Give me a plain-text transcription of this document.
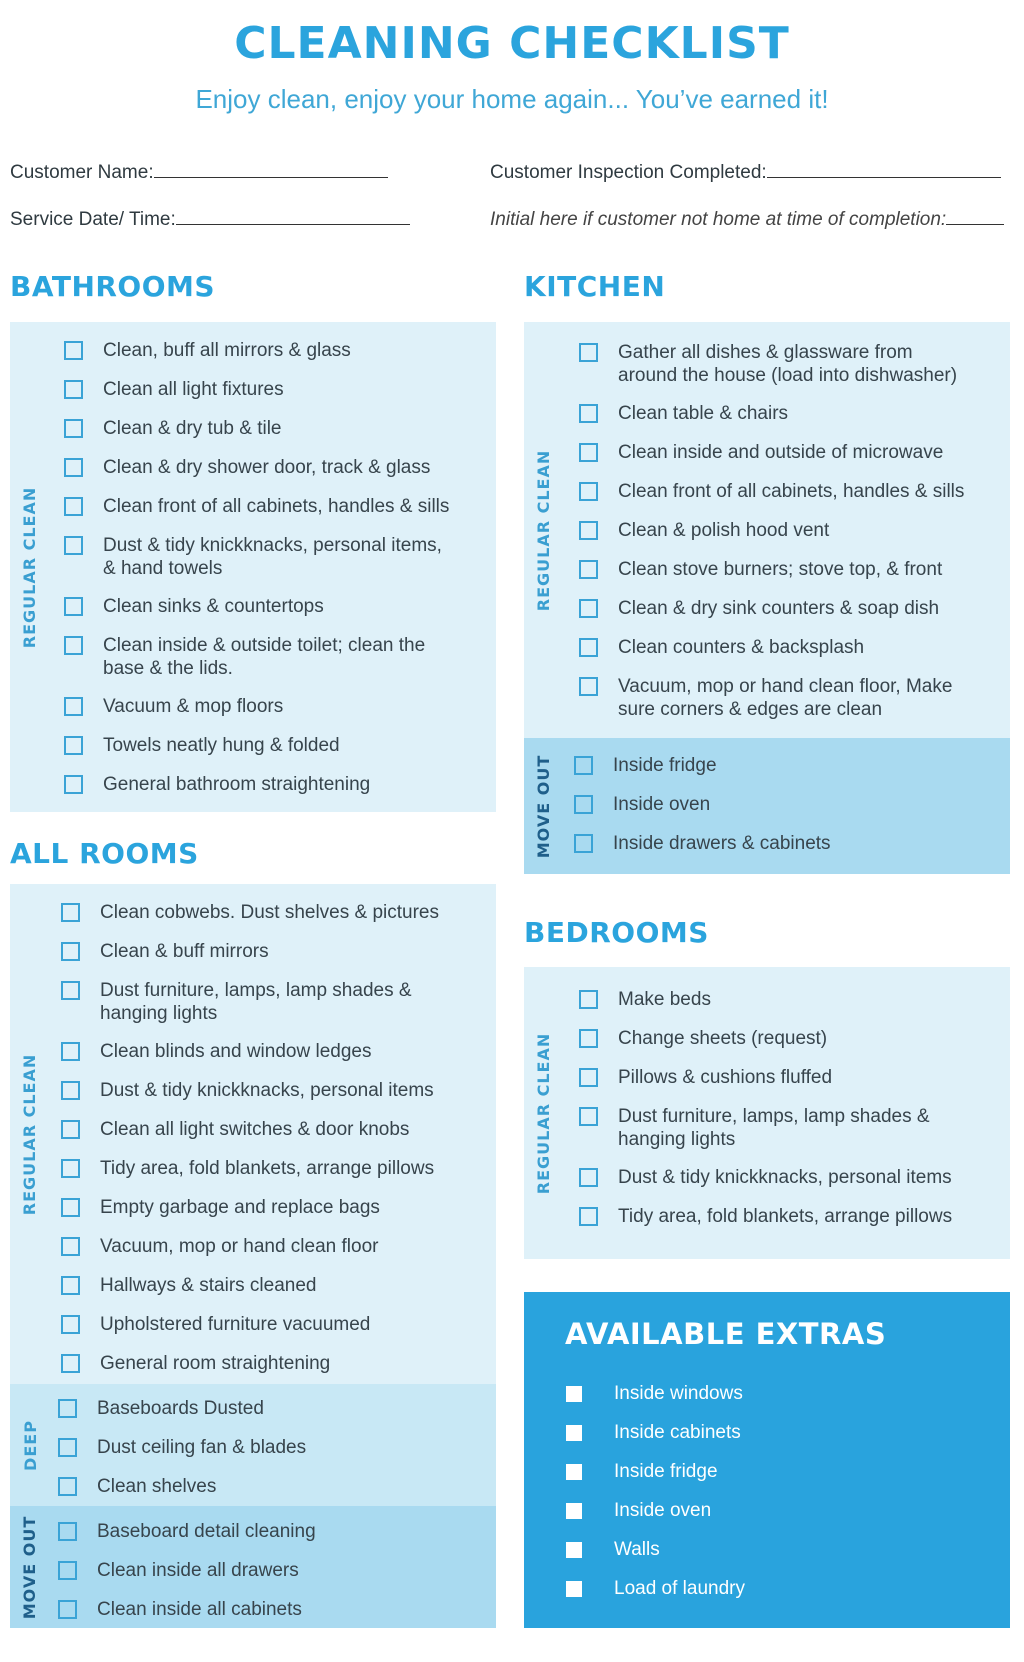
CLEANING CHECKLIST
Enjoy clean, enjoy your home again... You’ve earned it!
Customer Name:	Customer Inspection Completed:
Service Date/ Time:	Initial here if customer not home at time of completion:
BATHROOMS
REGULAR CLEAN
ALL ROOMS
REGULAR CLEAN
DEEP
MOVE OUT
KITCHEN
REGULAR CLEAN
MOVE OUT
BEDROOMS
REGULAR CLEAN
AVAILABLE EXTRAS
Clean, buff all mirrors & glass
Clean all light fixtures
Clean & dry tub & tile
Clean & dry shower door, track & glass
Clean front of all cabinets, handles & sills
Dust & tidy knickknacks, personal items,
& hand towels
Clean sinks & countertops
Clean inside & outside toilet; clean the
base & the lids.
Vacuum & mop floors
Towels neatly hung & folded
General bathroom straightening
Clean cobwebs. Dust shelves & pictures
Clean & buff mirrors
Dust furniture, lamps, lamp shades &
hanging lights
Clean blinds and window ledges
Dust & tidy knickknacks, personal items
Clean all light switches & door knobs
Tidy area, fold blankets, arrange pillows
Empty garbage and replace bags
Vacuum, mop or hand clean floor
Hallways & stairs cleaned
Upholstered furniture vacuumed
General room straightening
Baseboards Dusted
Dust ceiling fan & blades
Clean shelves
Baseboard detail cleaning
Clean inside all drawers
Clean inside all cabinets
Gather all dishes & glassware from
around the house (load into dishwasher)
Clean table & chairs
Clean inside and outside of microwave
Clean front of all cabinets, handles & sills
Clean & polish hood vent
Clean stove burners; stove top, & front
Clean & dry sink counters & soap dish
Clean counters & backsplash
Vacuum, mop or hand clean floor, Make
sure corners & edges are clean
Inside fridge
Inside oven
Inside drawers & cabinets
Make beds
Change sheets (request)
Pillows & cushions fluffed
Dust furniture, lamps, lamp shades &
hanging lights
Dust & tidy knickknacks, personal items
Tidy area, fold blankets, arrange pillows
Inside windows
Inside cabinets
Inside fridge
Inside oven
Walls
Load of laundry
